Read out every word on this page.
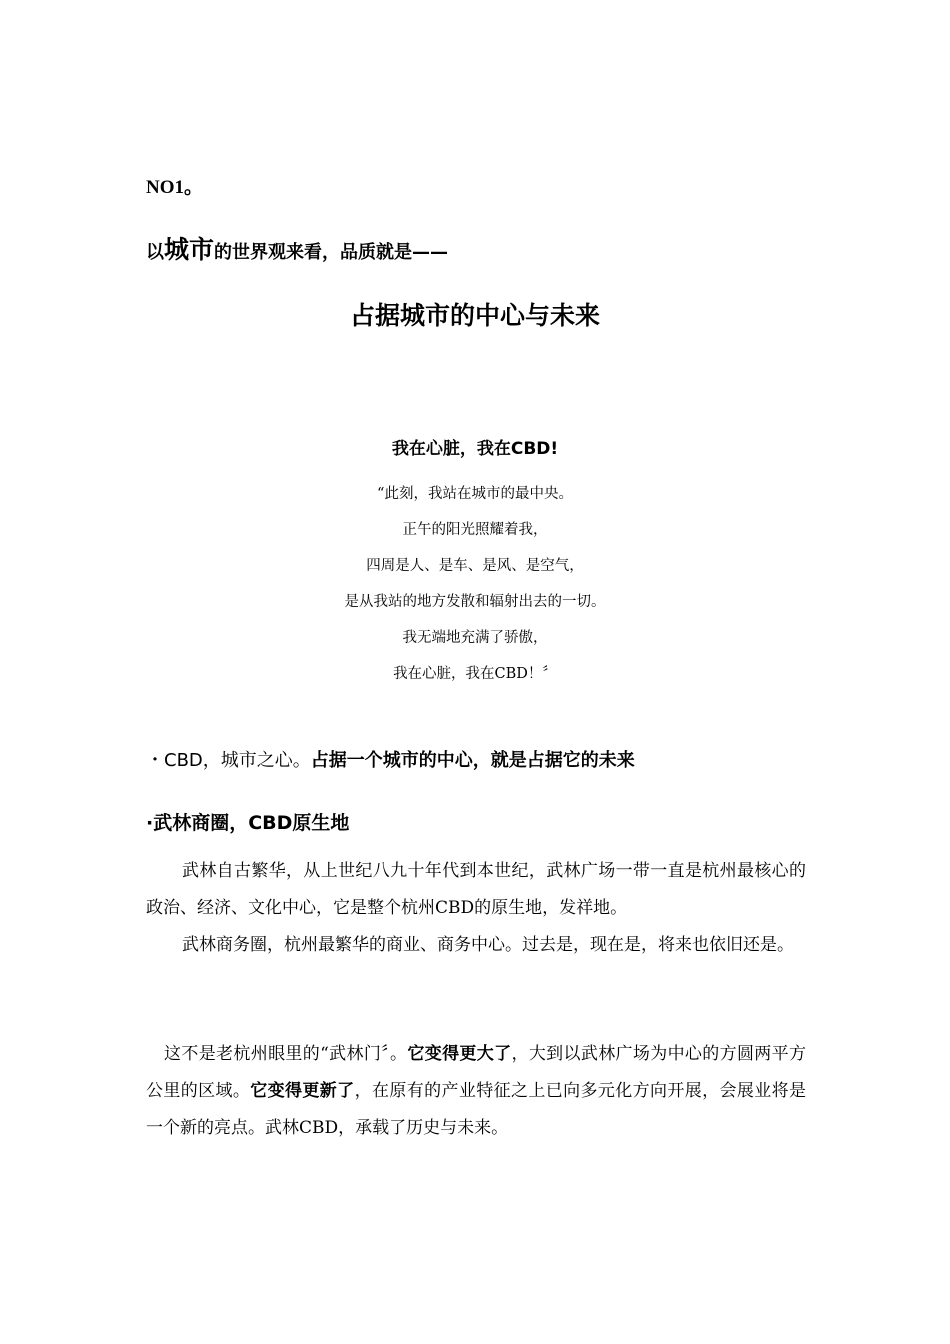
NO1。
以城市的世界观来看，品质就是——
占据城市的中心与未来
我在心脏，我在CBD!
“此刻，我站在城市的最中央。
正午的阳光照耀着我，
四周是人、是车、是风、是空气，
是从我站的地方发散和辐射出去的一切。
我无端地充满了骄傲，
我在心脏，我在CBD！〞
・CBD，城市之心。占据一个城市的中心，就是占据它的未来
·武林商圈，CBD原生地
武林自古繁华，从上世纪八九十年代到本世纪，武林广场一带一直是杭州最核心的政治、经济、文化中心，它是整个杭州CBD的原生地，发祥地。
武林商务圈，杭州最繁华的商业、商务中心。过去是，现在是，将来也依旧还是。
这不是老杭州眼里的“武林门〞。它变得更大了，大到以武林广场为中心的方圆两平方公里的区域。它变得更新了，在原有的产业特征之上已向多元化方向开展，会展业将是一个新的亮点。武林CBD，承载了历史与未来。
